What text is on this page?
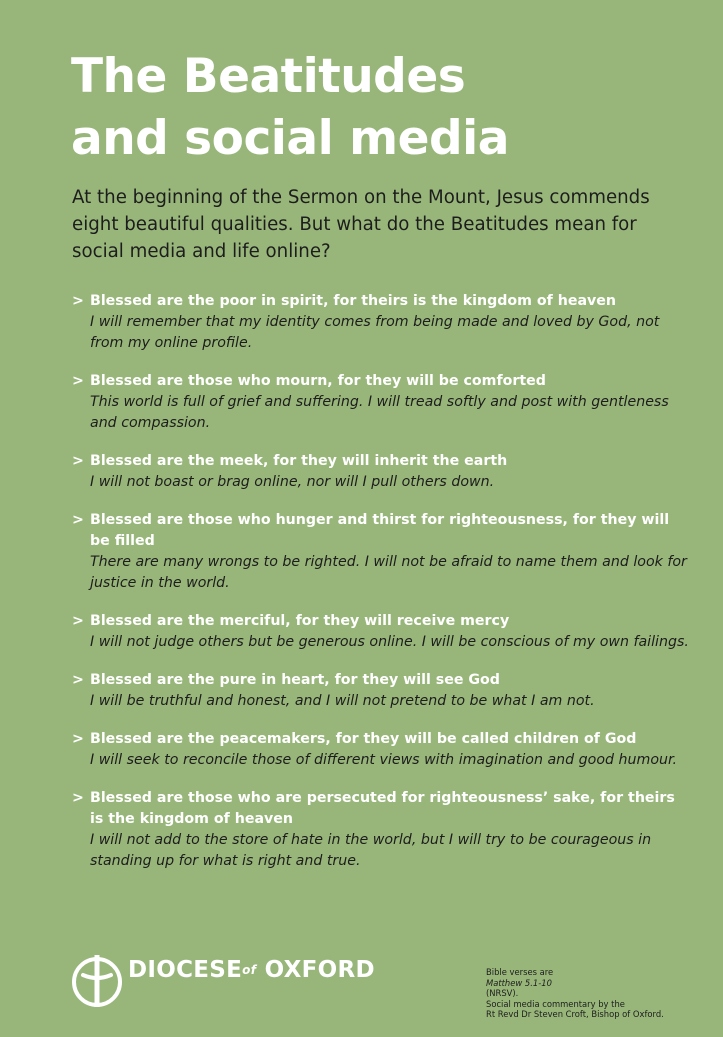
The Beatitudes
and social media

At the beginning of the Sermon on the Mount, Jesus commends eight beautiful qualities. But what do the Beatitudes mean for social media and life online?

> Blessed are the poor in spirit, for theirs is the kingdom of heaven
I will remember that my identity comes from being made and loved by God, not from my online profile.
> Blessed are those who mourn, for they will be comforted
This world is full of grief and suffering. I will tread softly and post with gentleness and compassion.
> Blessed are the meek, for they will inherit the earth
I will not boast or brag online, nor will I pull others down.
> Blessed are those who hunger and thirst for righteousness, for they will be filled
There are many wrongs to be righted. I will not be afraid to name them and look for justice in the world.
> Blessed are the merciful, for they will receive mercy
I will not judge others but be generous online. I will be conscious of my own failings.
> Blessed are the pure in heart, for they will see God
I will be truthful and honest, and I will not pretend to be what I am not.
> Blessed are the peacemakers, for they will be called children of God
I will seek to reconcile those of different views with imagination and good humour.
> Blessed are those who are persecuted for righteousness’ sake, for theirs is the kingdom of heaven
I will not add to the store of hate in the world, but I will try to be courageous in standing up for what is right and true.
$DIOCESE^{of}$ OXFORD	Bible verses are
Matthew 5.1-10
(NRSV).
Social media commentary by the
Rt Revd Dr Steven Croft, Bishop of Oxford.
